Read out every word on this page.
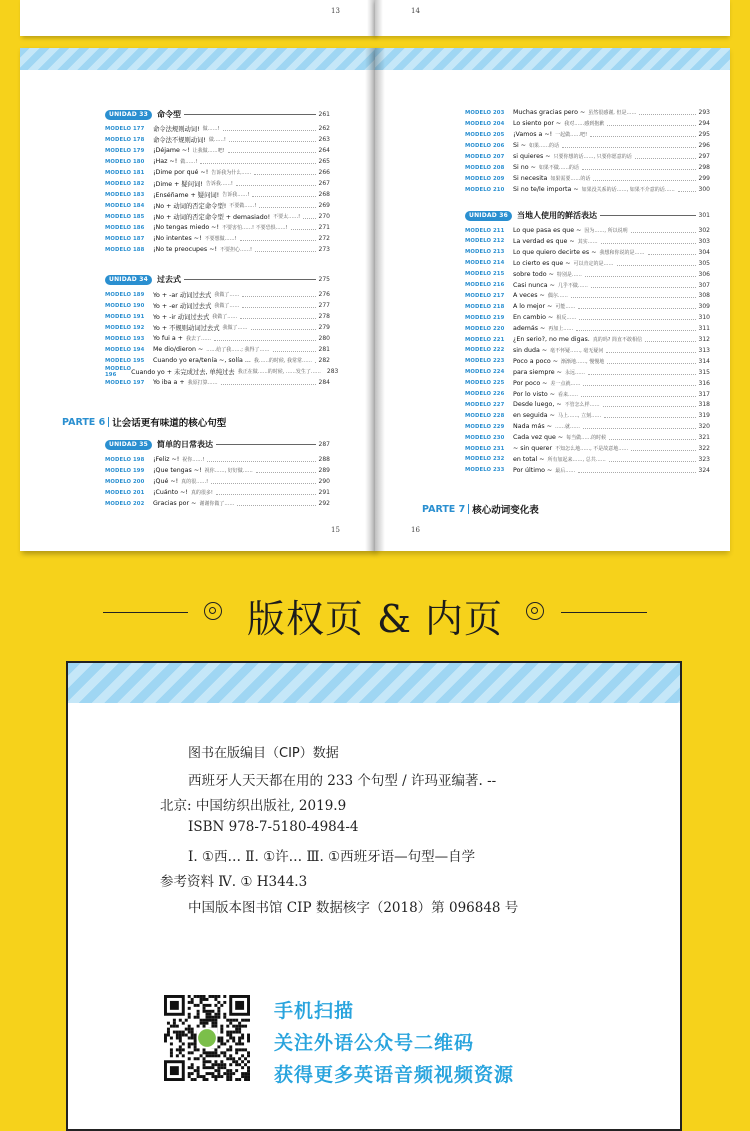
13	14
UNIDAD 33	命令型	261
MODELO 177	命令法规则动词! 做……!	262
MODELO 178	命令法不规则动词! 做……!	263
MODELO 179	¡Déjame ~! 让我做……吧!	264
MODELO 180	¡Haz ~! 做……!	265
MODELO 181	¡Dime por qué ~! 告诉我为什么……	266
MODELO 182	¡Dime + 疑问词! 告诉我……!	267
MODELO 183	¡Enséñame + 疑问词! 告诉我……!	268
MODELO 184	¡No + 动词的否定命令型! 不要做……!	269
MODELO 185	¡No + 动词的否定命令型 + demasiado! 不要太……!	270
MODELO 186	¡No tengas miedo ~! 不要害怕……! 不要恐惧……!	271
MODELO 187	¡No intentes ~! 不要想做……!	272
MODELO 188	¡No te preocupes ~! 不要担心……!	273
UNIDAD 34	过去式	275
MODELO 189	Yo + -ar 动词过去式 我做了……	276
MODELO 190	Yo + -er 动词过去式 我做了……	277
MODELO 191	Yo + -ir 动词过去式 我做了……	278
MODELO 192	Yo + 不规则动词过去式 我做了……	279
MODELO 193	Yo fui a + 我去了……	280
MODELO 194	Me dio/dieron ~ ……给了我……; 我得了……	281
MODELO 195	Cuando yo era/tenía ~, solía ... 我……的时候, 我常常…… 282
MODELO 196	Cuando yo + 未完成过去, 单纯过去 我正在做……的时候, ……发生了…… 283
MODELO 197	Yo iba a + 我原打算……	284
PARTE 6 让会话更有味道的核心句型
UNIDAD 35	简单的日常表达	287
MODELO 198	¡Feliz ~! 祝你……!	288
MODELO 199	¡Que tengas ~! 祝你……, 好好做……	289
MODELO 200	¡Qué ~! 真的很……!	290
MODELO 201	¡Cuánto ~! 真的很多!	291
MODELO 202	Gracias por ~ 谢谢你做了……	292
15
MODELO 203	Muchas gracias pero ~ 虽然很感谢, 但是……	293
MODELO 204	Lo siento por ~ 我对……感到抱歉	294
MODELO 205	¡Vamos a ~! 一起做……吧!	295
MODELO 206	Si ~ 如果……的话	296
MODELO 207	si quieres ~ 只要你想的话……, 只要你愿意的话	297
MODELO 208	Si no ~ 如果不做……的话	298
MODELO 209	Si necesita 如果需要……的话	299
MODELO 210	Si no te/le importa ~ 如果没关系的话……, 如果不介意的话……	300
UNIDAD 36	当地人使用的鲜活表达	301
MODELO 211	Lo que pasa es que ~ 因为……, 所以说明	302
MODELO 212	La verdad es que ~ 其实……	303
MODELO 213	Lo que quiero decirte es ~ 我想和你说的是……	304
MODELO 214	Lo cierto es que ~ 可以肯定的是……	305
MODELO 215	sobre todo ~ 特别是……	306
MODELO 216	Casi nunca ~ 几乎不做……	307
MODELO 217	A veces ~ 偶尔……	308
MODELO 218	A lo mejor ~ 可能……	309
MODELO 219	En cambio ~ 相反……	310
MODELO 220	además ~ 再加上……	311
MODELO 221	¿En serio?, no me digas. 真的吗? 简直不敢相信	312
MODELO 222	sin duda ~ 毫不怀疑……, 毫无疑问	313
MODELO 223	Poco a poco ~ 渐渐地……, 慢慢地	314
MODELO 224	para siempre ~ 永远……	315
MODELO 225	Por poco ~ 差一点就……	316
MODELO 226	Por lo visto ~ 看来……	317
MODELO 227	Desde luego, ~ 不管怎么样……	318
MODELO 228	en seguida ~ 马上……, 立刻……	319
MODELO 229	Nada más ~ ……就……	320
MODELO 230	Cada vez que ~ 每当做……的时候	321
MODELO 231	~ sin querer 不知怎么地……, 不是故意地……	322
MODELO 232	en total ~ 所有加起来……, 总共……	323
MODELO 233	Por último ~ 最后……	324
PARTE 7 核心动词变化表
16
版权页 & 内页
图书在版编目（CIP）数据
西班牙人天天都在用的 233 个句型 / 许玛亚编著. --
北京: 中国纺织出版社, 2019.9
ISBN 978-7-5180-4984-4
Ⅰ. ①西… Ⅱ. ①许… Ⅲ. ①西班牙语—句型—自学
参考资料 Ⅳ. ① H344.3
中国版本图书馆 CIP 数据核字（2018）第 096848 号
手机扫描
关注外语公众号二维码
获得更多英语音频视频资源
